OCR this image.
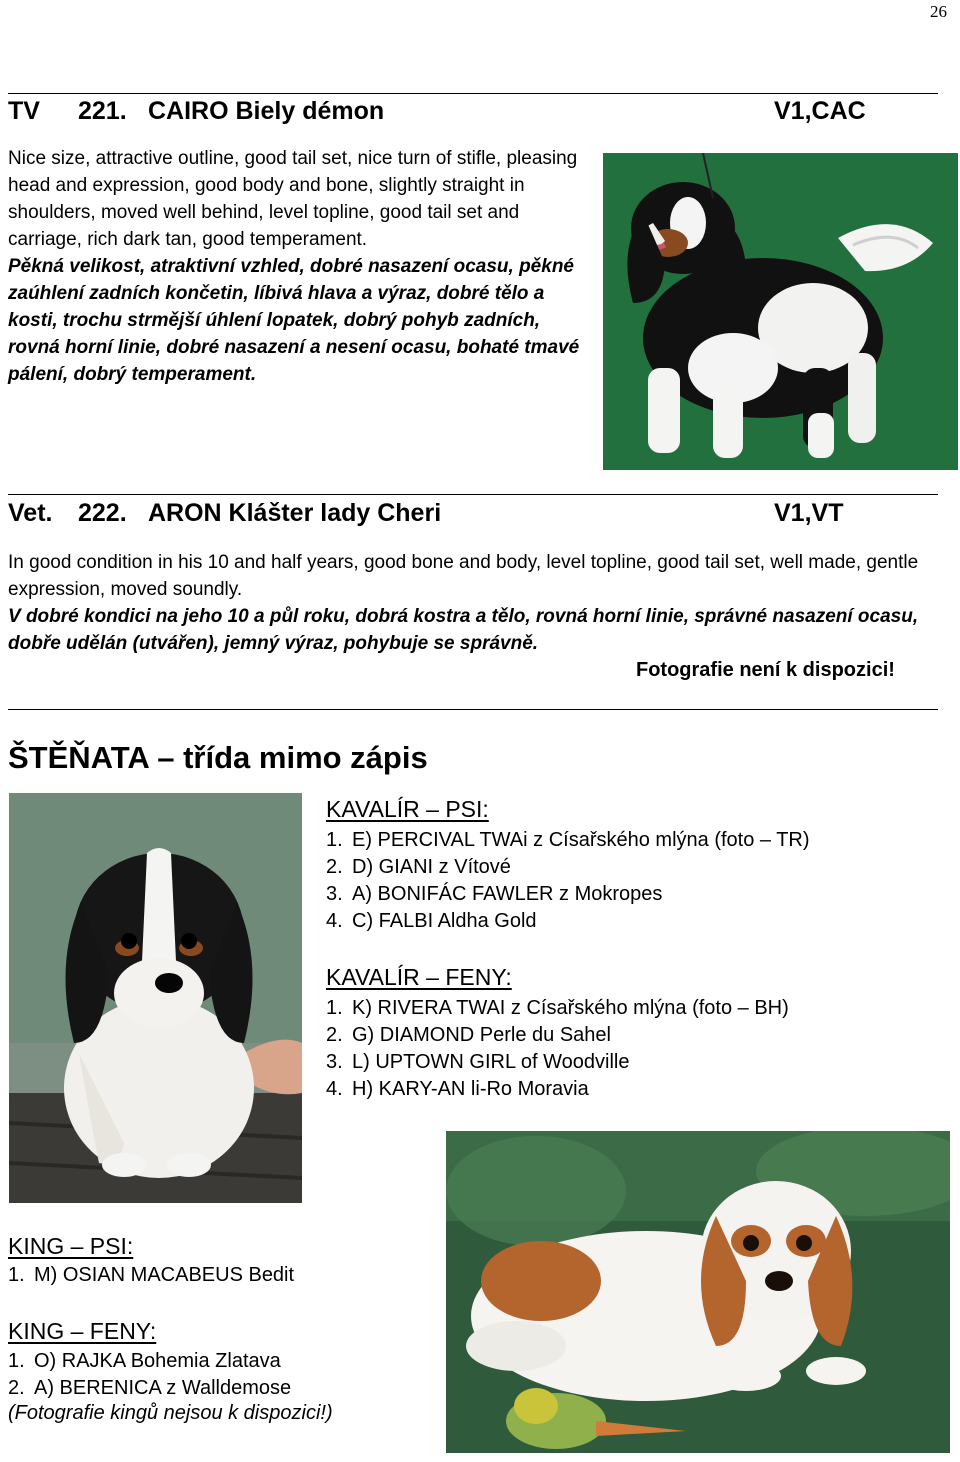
26
TV 221. CAIRO Biely démon	V1,CAC
Nice size, attractive outline, good tail set, nice turn of stifle, pleasing head and expression, good body and bone, slightly straight in shoulders, moved well behind, level topline, good tail set and carriage, rich dark tan, good temperament.
Pěkná velikost, atraktivní vzhled, dobré nasazení ocasu, pěkné zaúhlení zadních končetin, líbivá hlava a výraz, dobré tělo a kosti, trochu strmější úhlení lopatek, dobrý pohyb zadních, rovná horní linie, dobré nasazení a nesení ocasu, bohaté tmavé pálení, dobrý temperament.
Vet. 222. ARON Klášter lady Cheri	V1,VT
In good condition in his 10 and half years, good bone and body, level topline, good tail set, well made, gentle expression, moved soundly.
V dobré kondici na jeho 10 a půl roku, dobrá kostra a tělo, rovná horní linie, správné nasazení ocasu, dobře udělán (utvářen), jemný výraz, pohybuje se správně.
Fotografie není k dispozici!
ŠTĚŇATA – třída mimo zápis
KAVALÍR – PSI:
1. E) PERCIVAL TWAi z Císařského mlýna (foto – TR)
2. D) GIANI z Vítové
3. A) BONIFÁC FAWLER z Mokropes
4. C) FALBI Aldha Gold
KAVALÍR – FENY:
1. K) RIVERA TWAI z Císařského mlýna (foto – BH)
2. G) DIAMOND Perle du Sahel
3. L) UPTOWN GIRL of Woodville
4. H) KARY-AN li-Ro Moravia
KING – PSI:
1. M) OSIAN MACABEUS Bedit
KING – FENY:
1. O) RAJKA Bohemia Zlatava
2. A) BERENICA z Walldemose
(Fotografie kingů nejsou k dispozici!)
